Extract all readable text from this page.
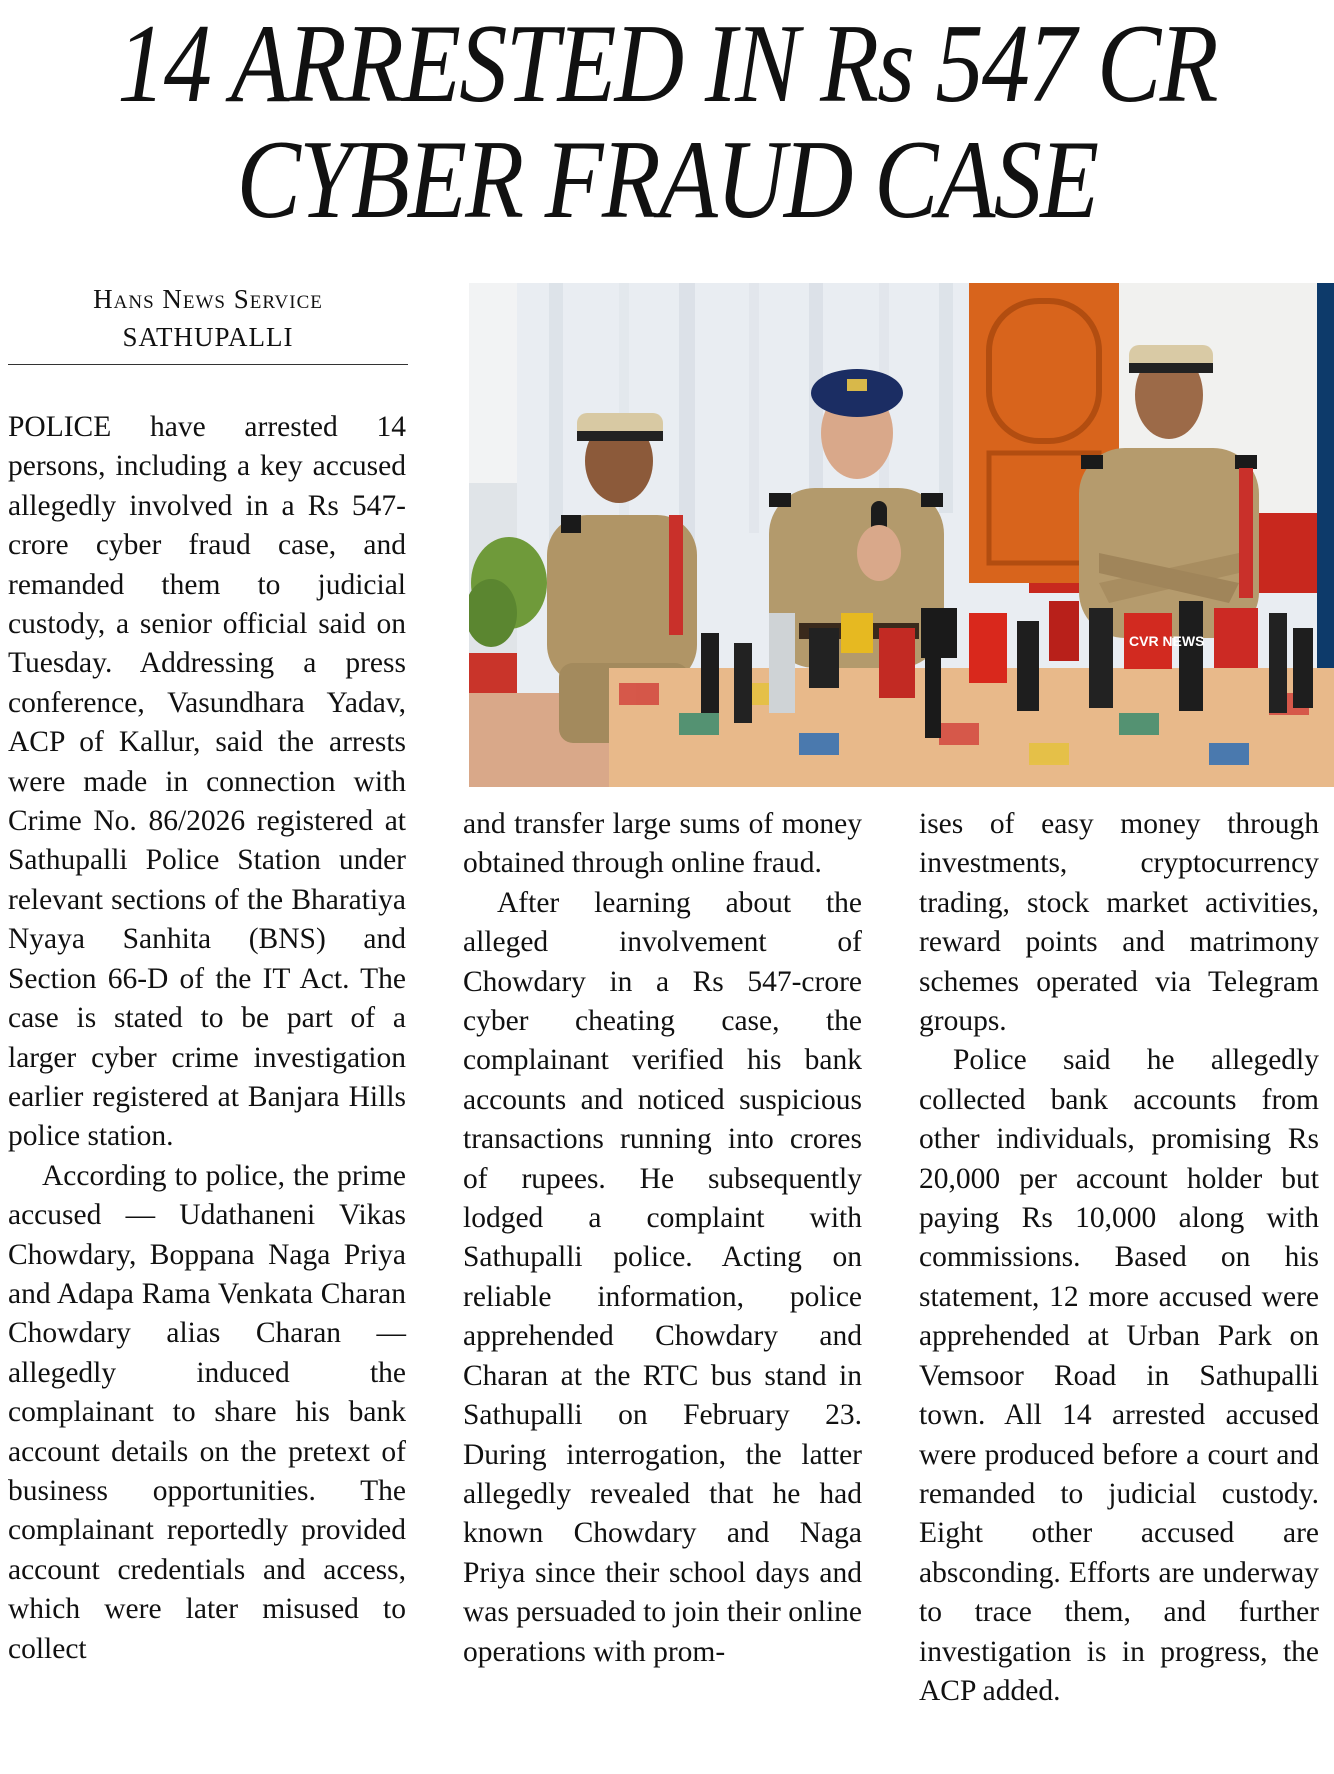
14 ARRESTED IN Rs 547 CR
CYBER FRAUD CASE
Hans News Service
SATHUPALLI
CVR NEWS

POLICE have arrested 14 persons, including a key accused allegedly involved in a Rs 547-crore cyber fraud case, and remanded them to judicial custody, a senior official said on Tuesday. Addressing a press conference, Vasundhara Yadav, ACP of Kallur, said the arrests were made in connection with Crime No. 86/2026 registered at Sathupalli Police Station under relevant sections of the Bharatiya Nyaya Sanhita (BNS) and Section 66-D of the IT Act. The case is stated to be part of a larger cyber crime investigation earlier registered at Banjara Hills police station.

According to police, the prime accused — Udathaneni Vikas Chowdary, Boppana Naga Priya and Adapa Rama Venkata Charan Chowdary alias Charan — allegedly induced the complainant to share his bank account details on the pretext of business opportunities. The complainant reportedly provided account credentials and access, which were later misused to collect

and transfer large sums of money obtained through online fraud.

After learning about the alleged involvement of Chowdary in a Rs 547-crore cyber cheating case, the complainant verified his bank accounts and noticed suspicious transactions running into crores of rupees. He subsequently lodged a complaint with Sathupalli police. Acting on reliable information, police apprehended Chowdary and Charan at the RTC bus stand in Sathupalli on February 23. During interrogation, the latter allegedly revealed that he had known Chowdary and Naga Priya since their school days and was persuaded to join their online operations with prom-

ises of easy money through investments, cryptocurrency trading, stock market activities, reward points and matrimony schemes operated via Telegram groups.

Police said he allegedly collected bank accounts from other individuals, promising Rs 20,000 per account holder but paying Rs 10,000 along with commissions. Based on his statement, 12 more accused were apprehended at Urban Park on Vemsoor Road in Sathupalli town. All 14 arrested accused were produced before a court and remanded to judicial custody. Eight other accused are absconding. Efforts are underway to trace them, and further investigation is in progress, the ACP added.
